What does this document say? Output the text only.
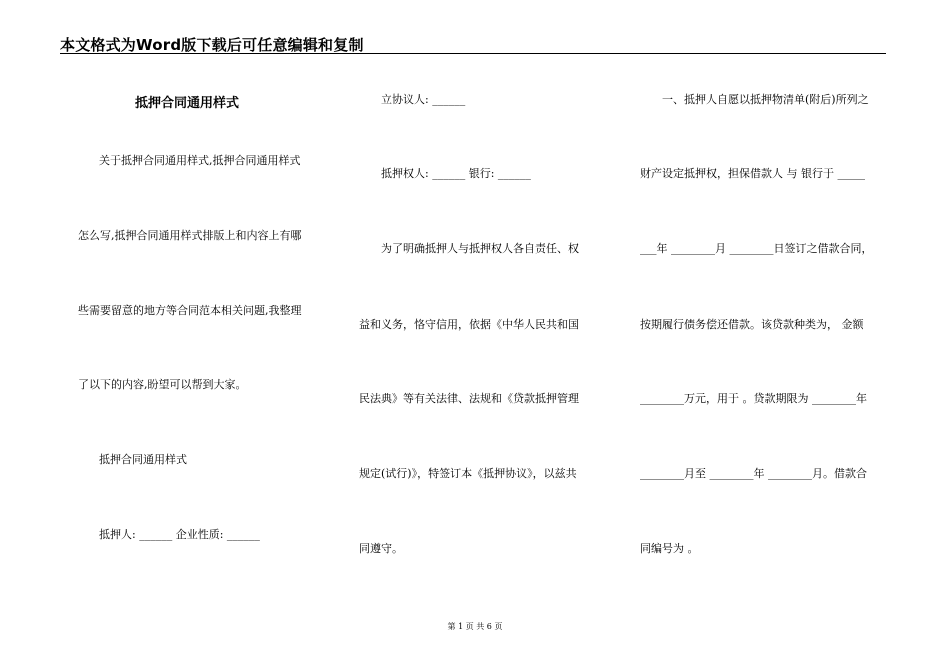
本文格式为Word版下载后可任意编辑和复制
抵押合同通用样式
关于抵押合同通用样式,抵押合同通用样式
怎么写,抵押合同通用样式排版上和内容上有哪
些需要留意的地方等合同范本相关问题,我整理
了以下的内容,盼望可以帮到大家。
抵押合同通用样式
抵押人: ______ 企业性质: ______
立协议人: ______
抵押权人: ______ 银行: ______
为了明确抵押人与抵押权人各自责任、权
益和义务，恪守信用，依据《中华人民共和国
民法典》等有关法律、法规和《贷款抵押管理
规定(试行)》，特签订本《抵押协议》，以兹共
同遵守。
一、抵押人自愿以抵押物清单(附后)所列之
财产设定抵押权，担保借款人 与 银行于 _____
___年 ________月 ________日签订之借款合同，
按期履行债务偿还借款。该贷款种类为， 金额
________万元，用于 。贷款期限为 ________年
________月至 ________年 ________月。借款合
同编号为 。
第 1 页 共 6 页
